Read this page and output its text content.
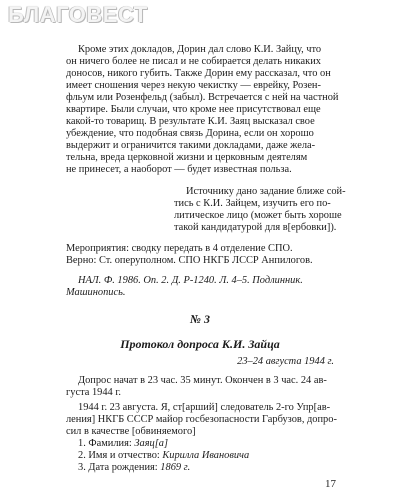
БЛАГОВЕСТ
Кроме этих докладов, Дорин дал слово К.И. Зайцу, что
он ничего более не писал и не собирается делать никаких
доносов, никого губить. Также Дорин ему рассказал, что он
имеет сношения через некую чекистку — еврейку, Розен-
фльум или Розенфельд (забыл). Встречается с ней на частной
квартире. Были случаи, что кроме нее присутствовал еще
какой-то товарищ. В результате К.И. Заяц высказал свое
убеждение, что подобная связь Дорина, если он хорошо
выдержит и ограничится такими докладами, даже жела-
тельна, вреда церковной жизни и церковным деятелям
не принесет, а наоборот — будет известная польза.
Источнику дано задание ближе сой-
тись с К.И. Зайцем, изучить его по-
литическое лицо (может быть хороше
такой кандидатурой для в[ербовки]).
Мероприятия: сводку передать в 4 отделение СПО.
Верно: Ст. оперуполном. СПО НКГБ ЛССР Анпилогов.
НАЛ. Ф. 1986. Оп. 2. Д. Р-1240. Л. 4–5. Подлинник.
Машинопись.
№ 3
Протокол допроса К.И. Зайца
23–24 августа 1944 г.
Допрос начат в 23 час. 35 минут. Окончен в 3 час. 24 ав-
густа 1944 г.
1944 г. 23 августа. Я, ст[арший] следователь 2-го Упр[ав-
ления] НКГБ СССР майор госбезопасности Гарбузов, допро-
сил в качестве [обвиняемого]
1. Фамилия: Заяц[a]
2. Имя и отчество: Кирилла Ивановича
3. Дата рождения: 1869 г.
17
